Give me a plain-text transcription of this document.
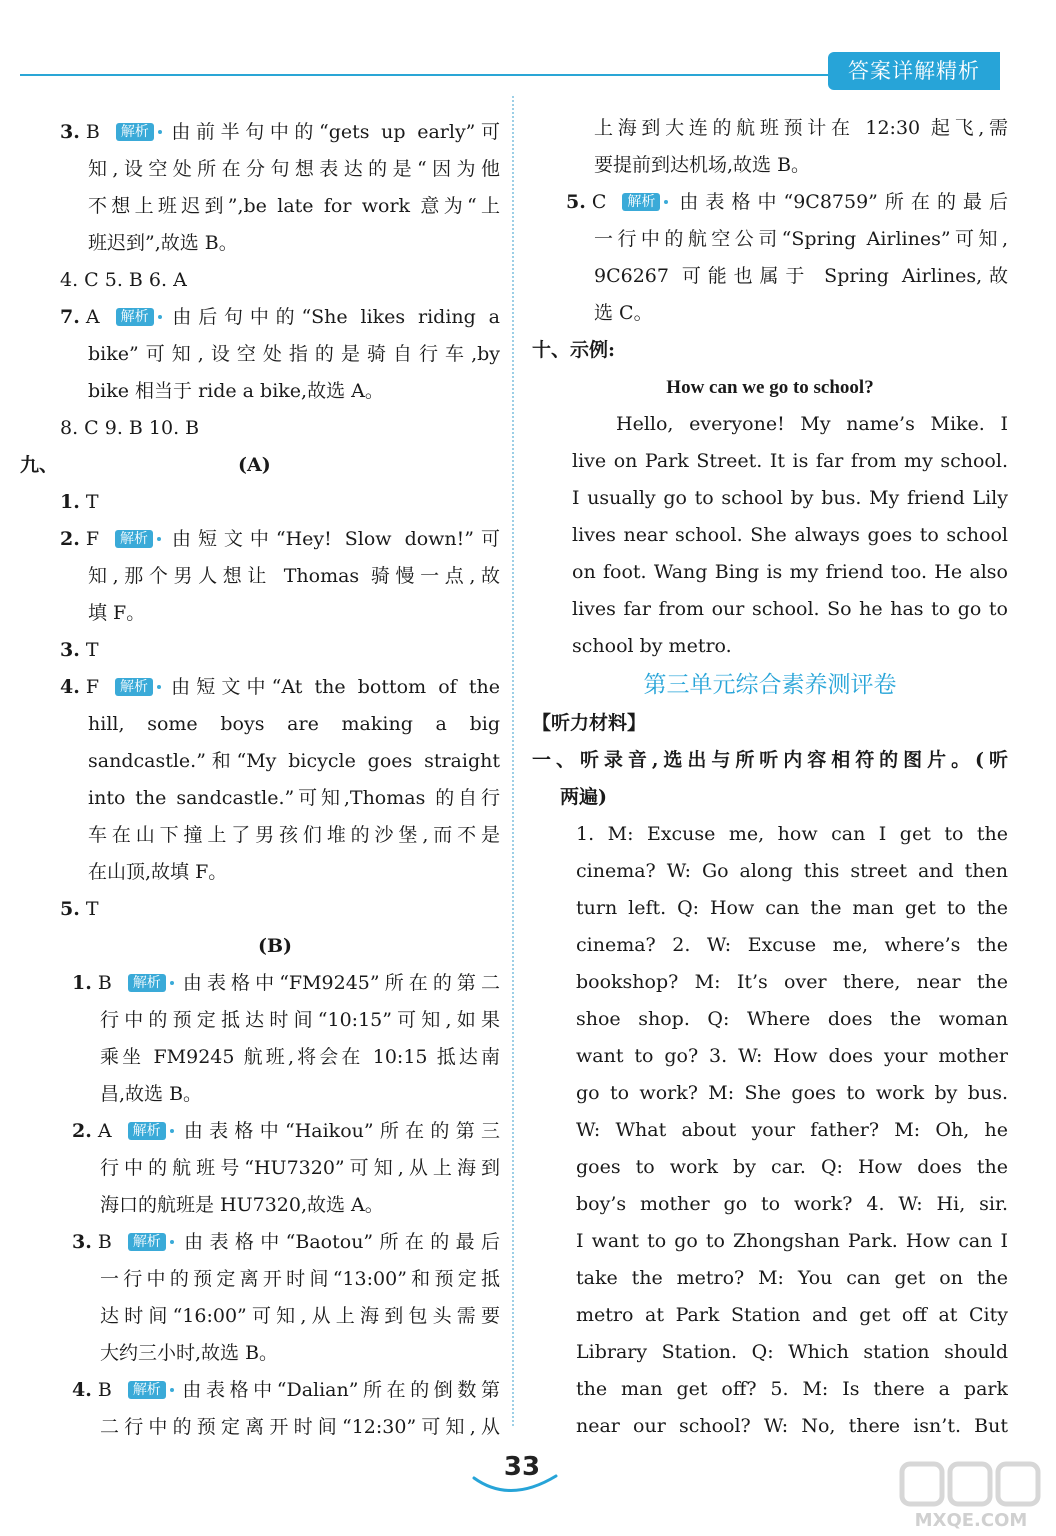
答案详解精析
3. B 解析 由前半句中的“gets up early”可
知,设空处所在分句想表达的是“因为他
不想上班迟到”,be late for work 意为“上
班迟到”,故选 B。
4. C 5. B 6. A
7. A 解析 由后句中的“She likes riding a
bike”可知,设空处指的是骑自行车,by
bike 相当于 ride a bike,故选 A。
8. C 9. B 10. B
九、	(A)
1. T
2. F 解析 由短文中“Hey! Slow down!”可
知,那个男人想让 Thomas 骑慢一点,故
填 F。
3. T
4. F 解析 由短文中“At the bottom of the
hill, some boys are making a big
sandcastle.”和“My bicycle goes straight
into the sandcastle.”可知,Thomas 的自行
车在山下撞上了男孩们堆的沙堡,而不是
在山顶,故填 F。
5. T
(B)
1. B 解析 由表格中“FM9245”所在的第二
行中的预定抵达时间“10:15”可知,如果
乘坐 FM9245 航班,将会在 10:15 抵达南
昌,故选 B。
2. A 解析 由表格中“Haikou”所在的第三
行中的航班号“HU7320”可知,从上海到
海口的航班是 HU7320,故选 A。
3. B 解析 由表格中“Baotou”所在的最后
一行中的预定离开时间“13:00”和预定抵
达时间“16:00”可知,从上海到包头需要
大约三小时,故选 B。
4. B 解析 由表格中“Dalian”所在的倒数第
二行中的预定离开时间“12:30”可知,从
上海到大连的航班预计在 12:30 起飞,需
要提前到达机场,故选 B。
5. C 解析 由表格中“9C8759”所在的最后
一行中的航空公司“Spring Airlines”可知,
9C6267 可能也属于 Spring Airlines,故
选 C。
十、示例:
How can we go to school?
Hello, everyone! My name’s Mike. I
live on Park Street. It is far from my school.
I usually go to school by bus. My friend Lily
lives near school. She always goes to school
on foot. Wang Bing is my friend too. He also
lives far from our school. So he has to go to
school by metro.
第三单元综合素养测评卷
【听力材料】
一、听录音,选出与所听内容相符的图片。(听
两遍)
1. M: Excuse me, how can I get to the
cinema? W: Go along this street and then
turn left. Q: How can the man get to the
cinema? 2. W: Excuse me, where’s the
bookshop? M: It’s over there, near the
shoe shop. Q: Where does the woman
want to go? 3. W: How does your mother
go to work? M: She goes to work by bus.
W: What about your father? M: Oh, he
goes to work by car. Q: How does the
boy’s mother go to work? 4. W: Hi, sir.
I want to go to Zhongshan Park. How can I
take the metro? M: You can get on the
metro at Park Station and get off at City
Library Station. Q: Which station should
the man get off? 5. M: Is there a park
near our school? W: No, there isn’t. But
33
MXQE.COM
